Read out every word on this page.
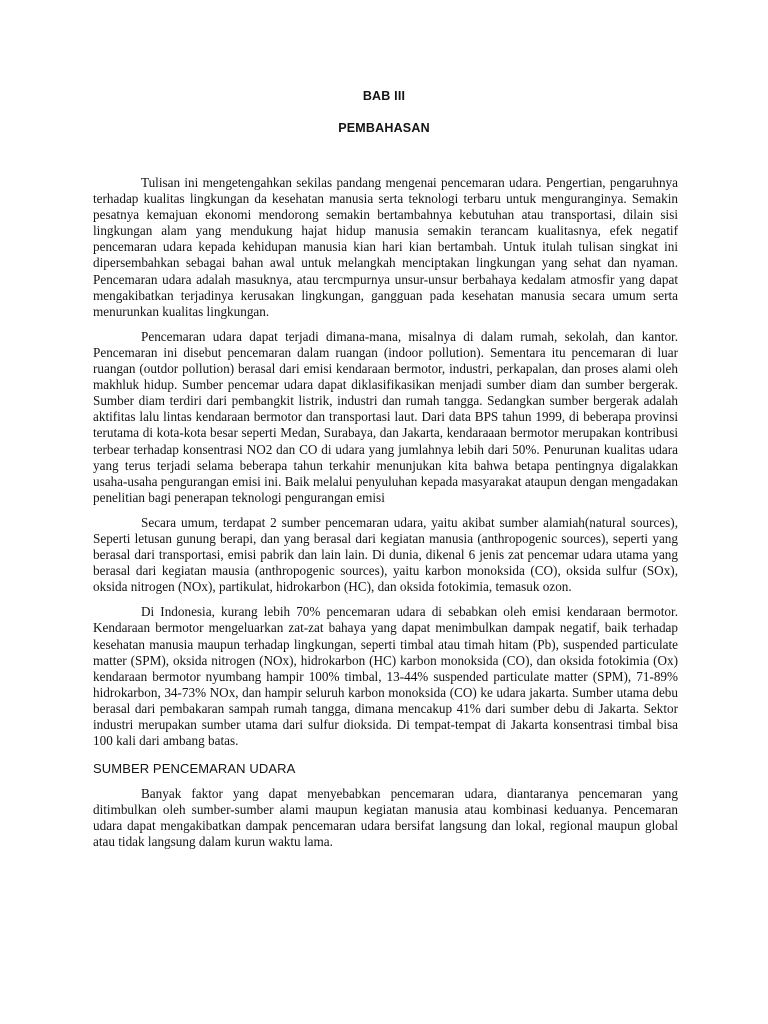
BAB III
PEMBAHASAN

Tulisan ini mengetengahkan sekilas pandang mengenai pencemaran udara. Pengertian, pengaruhnya terhadap kualitas lingkungan da kesehatan manusia serta teknologi terbaru untuk menguranginya. Semakin pesatnya kemajuan ekonomi mendorong semakin bertambahnya kebutuhan atau transportasi, dilain sisi lingkungan alam yang mendukung hajat hidup manusia semakin terancam kualitasnya, efek negatif pencemaran udara kepada kehidupan manusia kian hari kian bertambah. Untuk itulah tulisan singkat ini dipersembahkan sebagai bahan awal untuk melangkah menciptakan lingkungan yang sehat dan nyaman. Pencemaran udara adalah masuknya, atau tercmpurnya unsur-unsur berbahaya kedalam atmosfir yang dapat mengakibatkan terjadinya kerusakan lingkungan, gangguan pada kesehatan manusia secara umum serta menurunkan kualitas lingkungan.

Pencemaran udara dapat terjadi dimana-mana, misalnya di dalam rumah, sekolah, dan kantor. Pencemaran ini disebut pencemaran dalam ruangan (indoor pollution). Sementara itu pencemaran di luar ruangan (outdor pollution) berasal dari emisi kendaraan bermotor, industri, perkapalan, dan proses alami oleh makhluk hidup. Sumber pencemar udara dapat diklasifikasikan menjadi sumber diam dan sumber bergerak. Sumber diam terdiri dari pembangkit listrik, industri dan rumah tangga. Sedangkan sumber bergerak adalah aktifitas lalu lintas kendaraan bermotor dan transportasi laut. Dari data BPS tahun 1999, di beberapa provinsi terutama di kota-kota besar seperti Medan, Surabaya, dan Jakarta, kendaraaan bermotor merupakan kontribusi terbear terhadap konsentrasi NO2 dan CO di udara yang jumlahnya lebih dari 50%. Penurunan kualitas udara yang terus terjadi selama beberapa tahun terkahir menunjukan kita bahwa betapa pentingnya digalakkan usaha-usaha pengurangan emisi ini. Baik melalui penyuluhan kepada masyarakat ataupun dengan mengadakan penelitian bagi penerapan teknologi pengurangan emisi

Secara umum, terdapat 2 sumber pencemaran udara, yaitu akibat sumber alamiah(natural sources), Seperti letusan gunung berapi, dan yang berasal dari kegiatan manusia (anthropogenic sources), seperti yang berasal dari transportasi, emisi pabrik dan lain lain. Di dunia, dikenal 6 jenis zat pencemar udara utama yang berasal dari kegiatan mausia (anthropogenic sources), yaitu karbon monoksida (CO), oksida sulfur (SOx), oksida nitrogen (NOx), partikulat, hidrokarbon (HC), dan oksida fotokimia, temasuk ozon.

Di Indonesia, kurang lebih 70% pencemaran udara di sebabkan oleh emisi kendaraan bermotor. Kendaraan bermotor mengeluarkan zat-zat bahaya yang dapat menimbulkan dampak negatif, baik terhadap kesehatan manusia maupun terhadap lingkungan, seperti timbal atau timah hitam (Pb), suspended particulate matter (SPM), oksida nitrogen (NOx), hidrokarbon (HC) karbon monoksida (CO), dan oksida fotokimia (Ox) kendaraan bermotor nyumbang hampir 100% timbal, 13-44% suspended particulate matter (SPM), 71-89% hidrokarbon, 34-73% NOx, dan hampir seluruh karbon monoksida (CO) ke udara jakarta. Sumber utama debu berasal dari pembakaran sampah rumah tangga, dimana mencakup 41% dari sumber debu di Jakarta. Sektor industri merupakan sumber utama dari sulfur dioksida. Di tempat-tempat di Jakarta konsentrasi timbal bisa 100 kali dari ambang batas.

SUMBER PENCEMARAN UDARA

Banyak faktor yang dapat menyebabkan pencemaran udara, diantaranya pencemaran yang ditimbulkan oleh sumber-sumber alami maupun kegiatan manusia atau kombinasi keduanya. Pencemaran udara dapat mengakibatkan dampak pencemaran udara bersifat langsung dan lokal, regional maupun global atau tidak langsung dalam kurun waktu lama.
